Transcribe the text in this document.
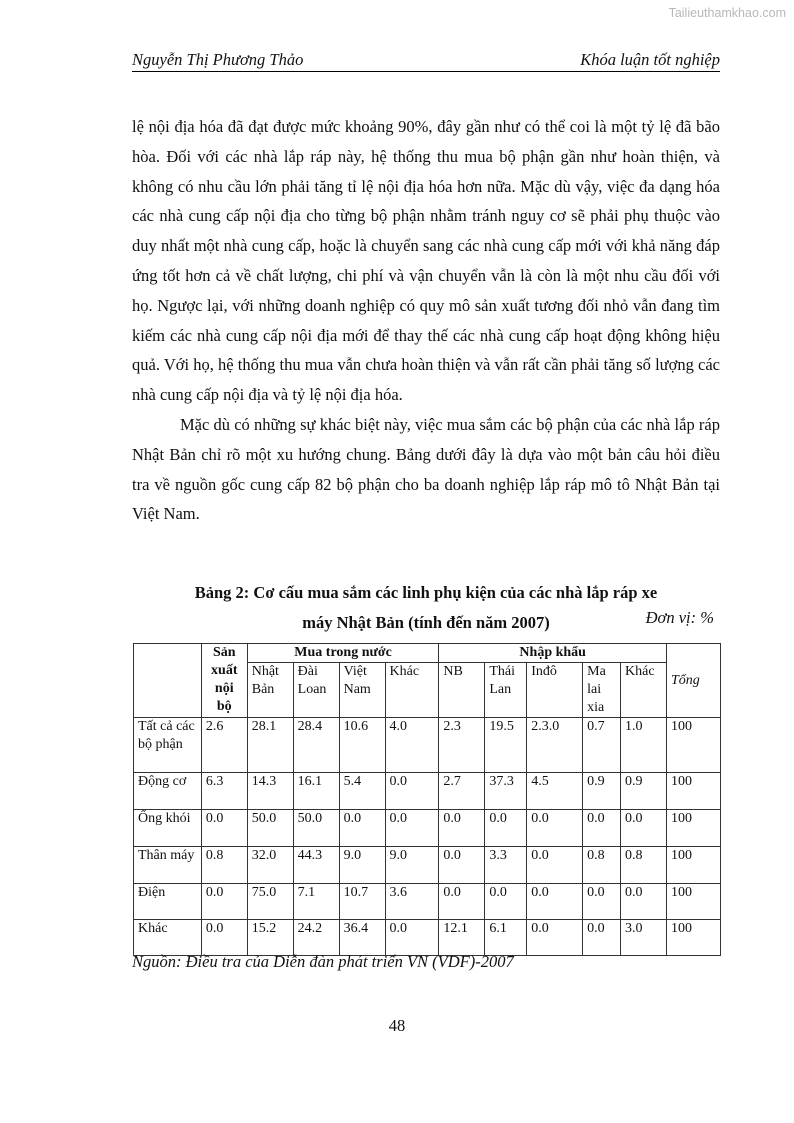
Tailieuthamkhao.com
Nguyễn Thị Phương Thảo	Khóa luận tốt nghiệp

lệ nội địa hóa đã đạt được mức khoảng 90%, đây gần như có thể coi là một tỷ lệ đã bão hòa. Đối với các nhà lắp ráp này, hệ thống thu mua bộ phận gần như hoàn thiện, và không có nhu cầu lớn phải tăng tỉ lệ nội địa hóa hơn nữa. Mặc dù vậy, việc đa dạng hóa các nhà cung cấp nội địa cho từng bộ phận nhằm tránh nguy cơ sẽ phải phụ thuộc vào duy nhất một nhà cung cấp, hoặc là chuyển sang các nhà cung cấp mới với khả năng đáp ứng tốt hơn cả về chất lượng, chi phí và vận chuyển vẫn là còn là một nhu cầu đối với họ. Ngược lại, với những doanh nghiệp có quy mô sản xuất tương đối nhỏ vẫn đang tìm kiếm các nhà cung cấp nội địa mới để thay thế các nhà cung cấp hoạt động không hiệu quả. Với họ, hệ thống thu mua vẫn chưa hoàn thiện và vẫn rất cần phải tăng số lượng các nhà cung cấp nội địa và tỷ lệ nội địa hóa.

Mặc dù có những sự khác biệt này, việc mua sắm các bộ phận của các nhà lắp ráp Nhật Bản chỉ rõ một xu hướng chung. Bảng dưới đây là dựa vào một bản câu hỏi điều tra về nguồn gốc cung cấp 82 bộ phận cho ba doanh nghiệp lắp ráp mô tô Nhật Bản tại Việt Nam.

Bảng 2: Cơ cấu mua sắm các linh phụ kiện của các nhà lắp ráp xe
máy Nhật Bản (tính đến năm 2007)	Đơn vị: %
	Sản xuất nội bộ	Mua trong nước				Nhập khẩu					Tổng
		Nhật Bản	Đài Loan	Việt Nam	Khác	NB	Thái Lan	Inđô	Ma lai xia	Khác	
Tất cả các bộ phận	2.6	28.1	28.4	10.6	4.0	2.3	19.5	2.3.0	0.7	1.0	100
Động cơ	6.3	14.3	16.1	5.4	0.0	2.7	37.3	4.5	0.9	0.9	100
Ống khói	0.0	50.0	50.0	0.0	0.0	0.0	0.0	0.0	0.0	0.0	100
Thân máy	0.8	32.0	44.3	9.0	9.0	0.0	3.3	0.0	0.8	0.8	100
Điện	0.0	75.0	7.1	10.7	3.6	0.0	0.0	0.0	0.0	0.0	100
Khác	0.0	15.2	24.2	36.4	0.0	12.1	6.1	0.0	0.0	3.0	100
Nguồn: Điều tra của Diễn đàn phát triển VN (VDF)-2007
48
